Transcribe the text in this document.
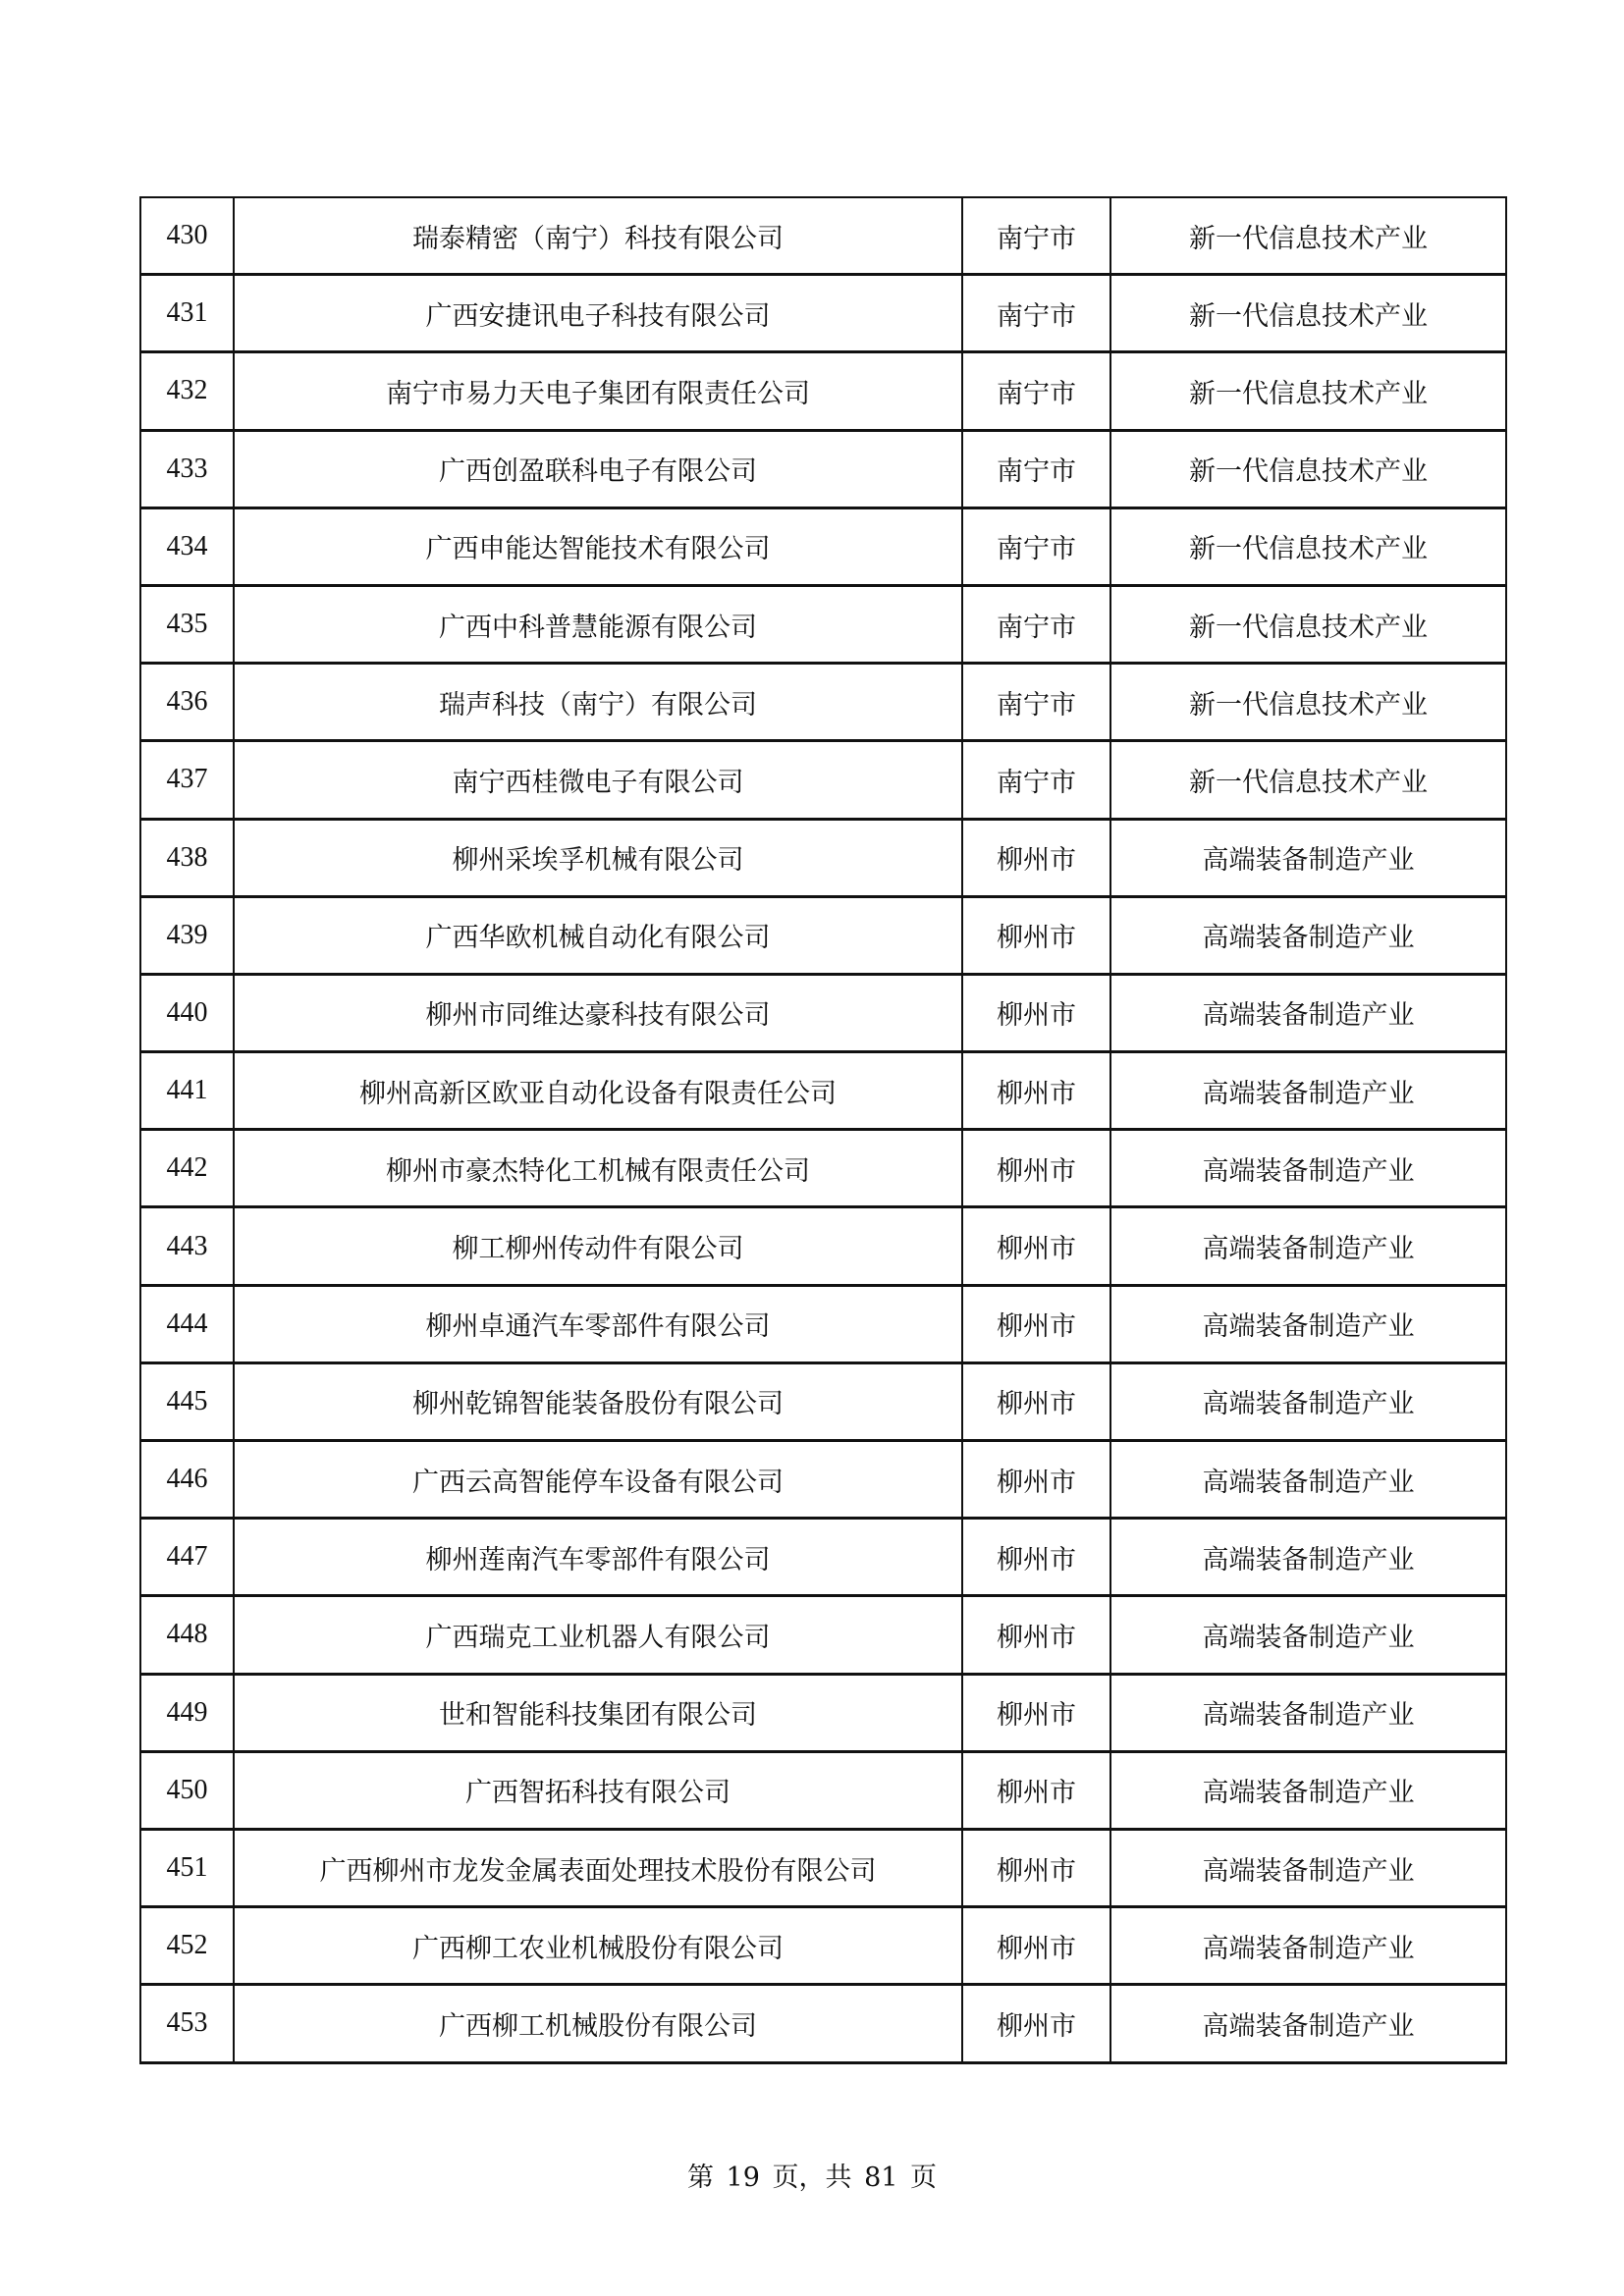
430	瑞泰精密（南宁）科技有限公司	南宁市	新一代信息技术产业
431	广西安捷讯电子科技有限公司	南宁市	新一代信息技术产业
432	南宁市易力天电子集团有限责任公司	南宁市	新一代信息技术产业
433	广西创盈联科电子有限公司	南宁市	新一代信息技术产业
434	广西申能达智能技术有限公司	南宁市	新一代信息技术产业
435	广西中科普慧能源有限公司	南宁市	新一代信息技术产业
436	瑞声科技（南宁）有限公司	南宁市	新一代信息技术产业
437	南宁西桂微电子有限公司	南宁市	新一代信息技术产业
438	柳州采埃孚机械有限公司	柳州市	高端装备制造产业
439	广西华欧机械自动化有限公司	柳州市	高端装备制造产业
440	柳州市同维达豪科技有限公司	柳州市	高端装备制造产业
441	柳州高新区欧亚自动化设备有限责任公司	柳州市	高端装备制造产业
442	柳州市豪杰特化工机械有限责任公司	柳州市	高端装备制造产业
443	柳工柳州传动件有限公司	柳州市	高端装备制造产业
444	柳州卓通汽车零部件有限公司	柳州市	高端装备制造产业
445	柳州乾锦智能装备股份有限公司	柳州市	高端装备制造产业
446	广西云高智能停车设备有限公司	柳州市	高端装备制造产业
447	柳州莲南汽车零部件有限公司	柳州市	高端装备制造产业
448	广西瑞克工业机器人有限公司	柳州市	高端装备制造产业
449	世和智能科技集团有限公司	柳州市	高端装备制造产业
450	广西智拓科技有限公司	柳州市	高端装备制造产业
451	广西柳州市龙发金属表面处理技术股份有限公司	柳州市	高端装备制造产业
452	广西柳工农业机械股份有限公司	柳州市	高端装备制造产业
453	广西柳工机械股份有限公司	柳州市	高端装备制造产业
第 19 页，共 81 页
